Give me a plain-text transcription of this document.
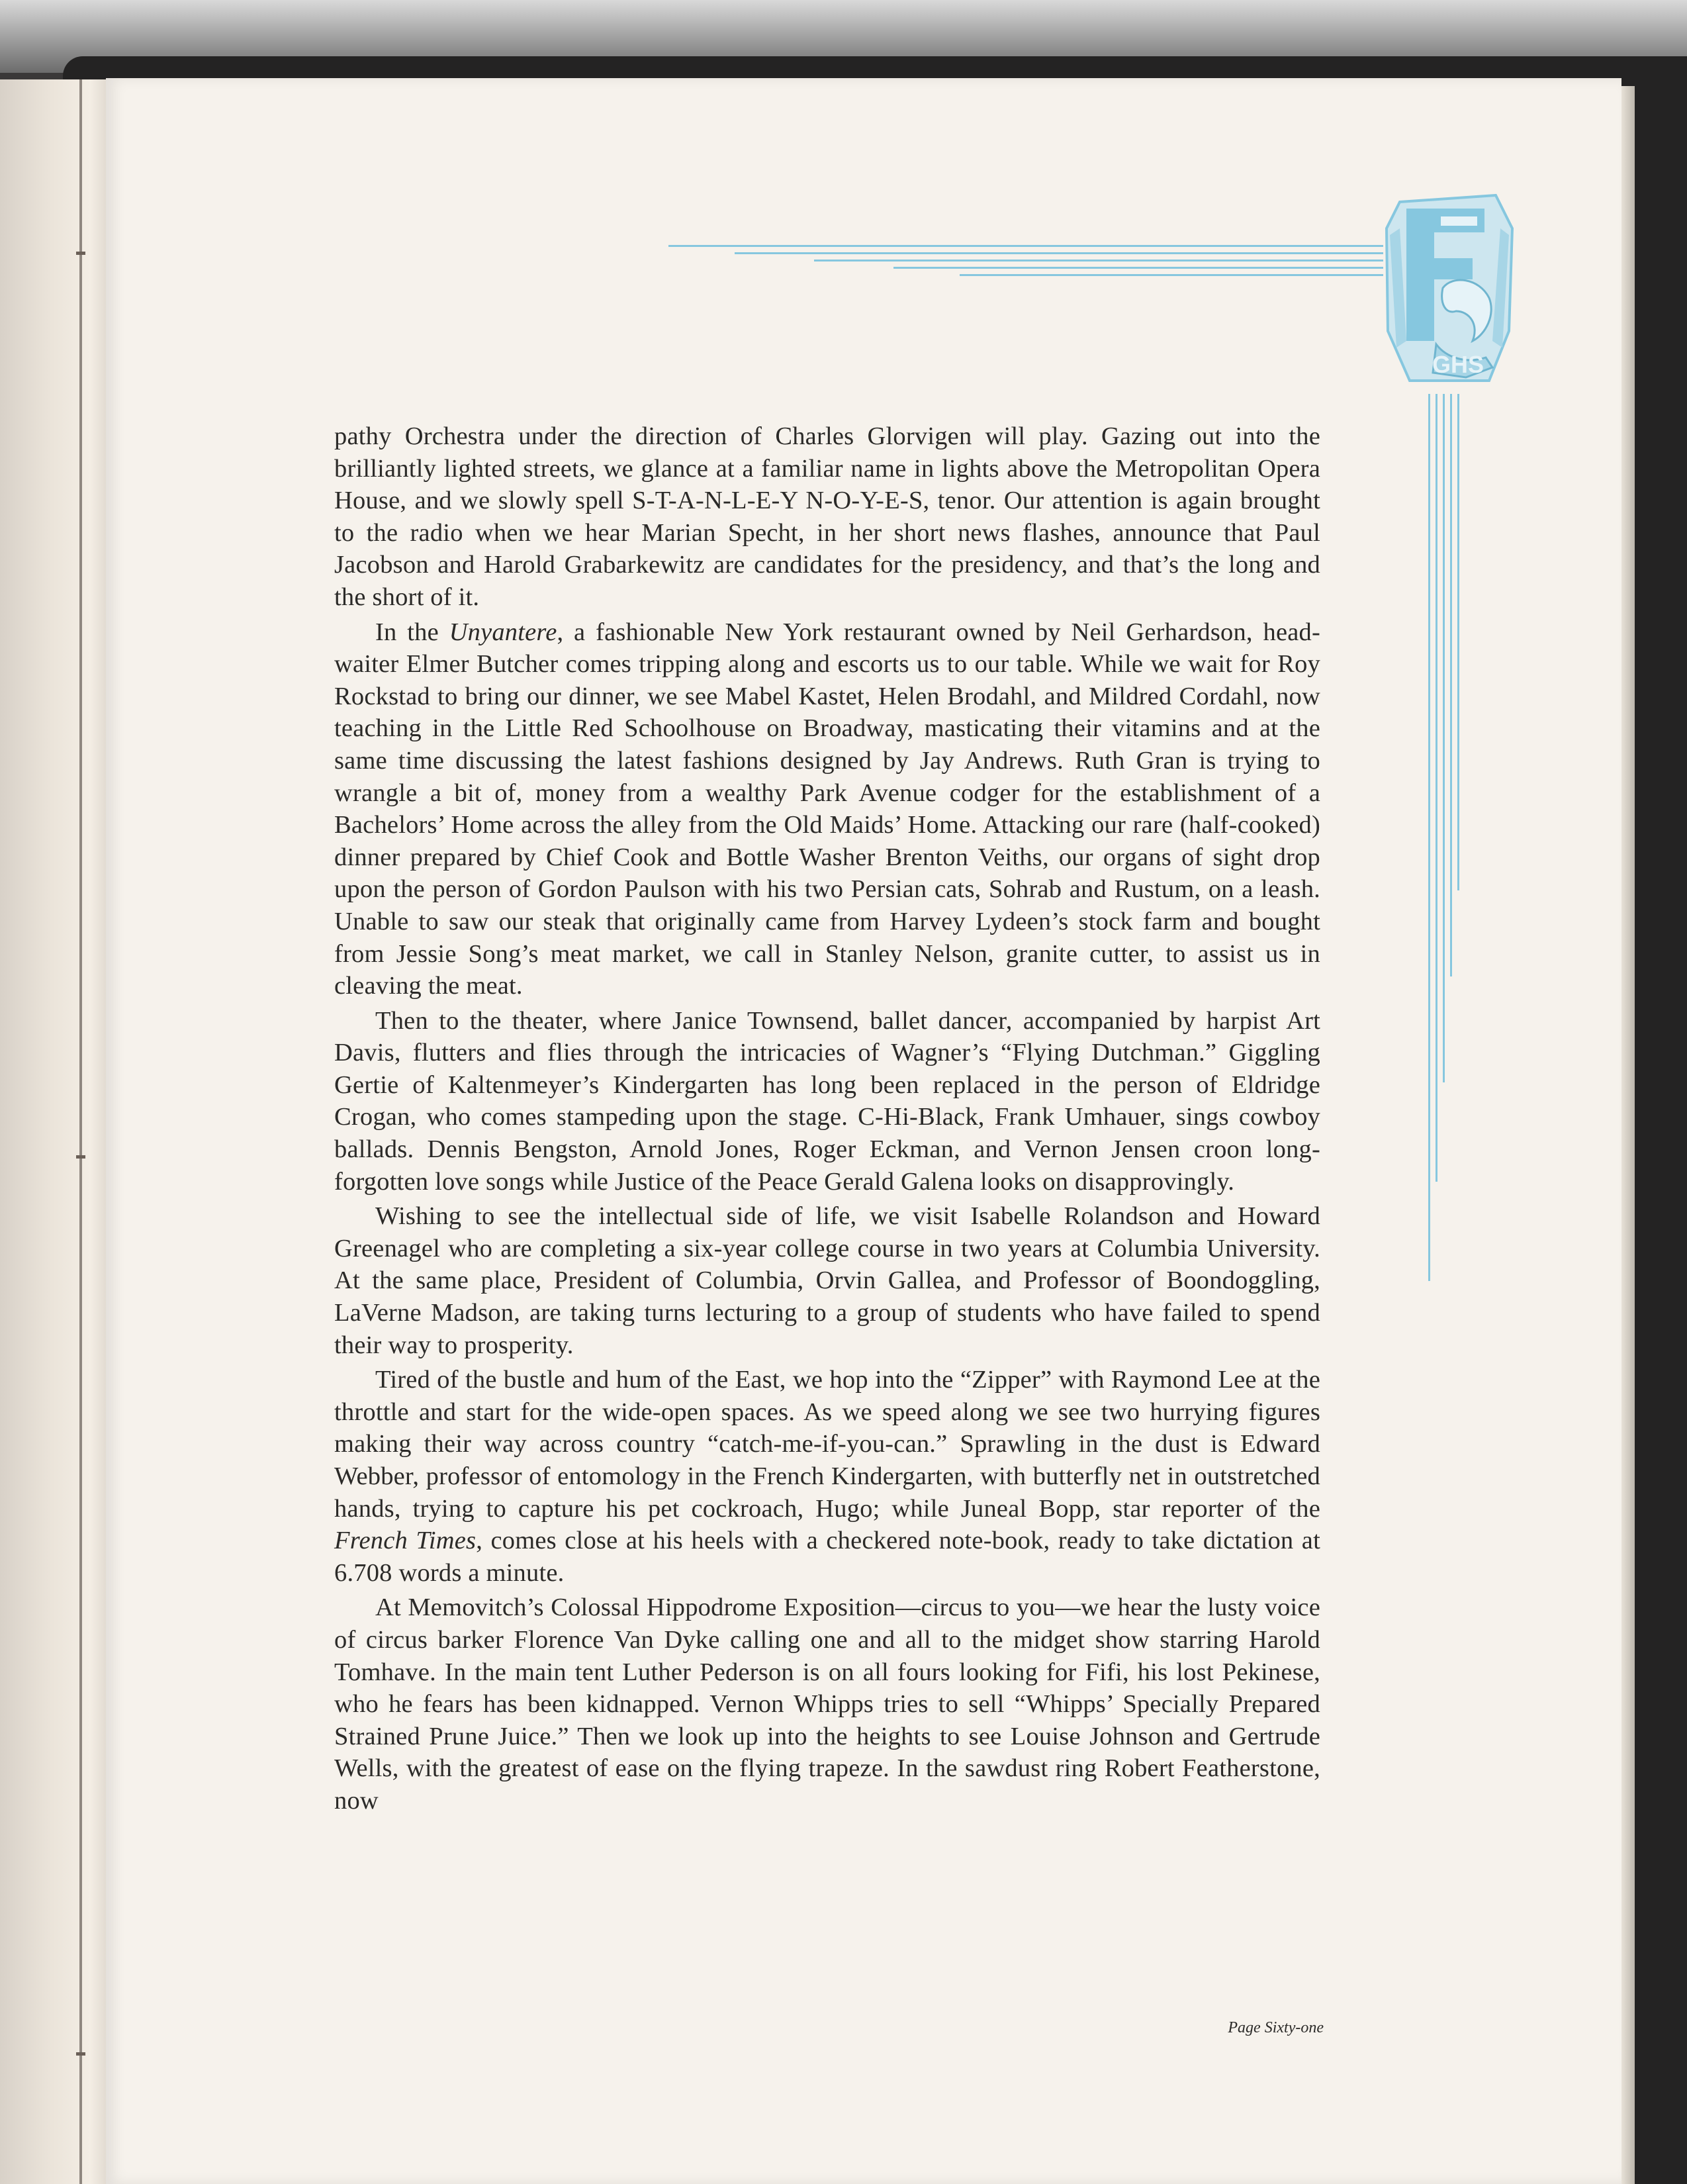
GHS

pathy Orchestra under the direction of Charles Glorvigen will play. Gazing out into the brilliantly lighted streets, we glance at a familiar name in lights above the Metropolitan Opera House, and we slowly spell S-T-A-N-L-E-Y N-O-Y-E-S, tenor. Our attention is again brought to the radio when we hear Marian Specht, in her short news flashes, announce that Paul Jacobson and Harold Grabarkewitz are candidates for the presidency, and that’s the long and the short of it.

In the Unyantere, a fashionable New York restaurant owned by Neil Gerhardson, head-waiter Elmer Butcher comes tripping along and escorts us to our table. While we wait for Roy Rockstad to bring our dinner, we see Mabel Kastet, Helen Brodahl, and Mildred Cordahl, now teaching in the Little Red Schoolhouse on Broadway, masticating their vitamins and at the same time discussing the latest fashions designed by Jay Andrews. Ruth Gran is trying to wrangle a bit of, money from a wealthy Park Avenue codger for the establishment of a Bachelors’ Home across the alley from the Old Maids’ Home. Attacking our rare (half-cooked) dinner prepared by Chief Cook and Bottle Washer Brenton Veiths, our organs of sight drop upon the person of Gordon Paulson with his two Persian cats, Sohrab and Rustum, on a leash. Unable to saw our steak that originally came from Harvey Lydeen’s stock farm and bought from Jessie Song’s meat market, we call in Stanley Nelson, granite cutter, to assist us in cleaving the meat.

Then to the theater, where Janice Townsend, ballet dancer, accompanied by harpist Art Davis, flutters and flies through the intricacies of Wagner’s “Flying Dutchman.” Giggling Gertie of Kaltenmeyer’s Kindergarten has long been replaced in the person of Eldridge Crogan, who comes stampeding upon the stage. C-Hi-Black, Frank Umhauer, sings cowboy ballads. Dennis Bengston, Arnold Jones, Roger Eckman, and Vernon Jensen croon long-forgotten love songs while Justice of the Peace Gerald Galena looks on disapprovingly.

Wishing to see the intellectual side of life, we visit Isabelle Rolandson and Howard Greenagel who are completing a six-year college course in two years at Columbia University. At the same place, President of Columbia, Orvin Gallea, and Professor of Boondoggling, LaVerne Madson, are taking turns lecturing to a group of students who have failed to spend their way to prosperity.

Tired of the bustle and hum of the East, we hop into the “Zipper” with Raymond Lee at the throttle and start for the wide-open spaces. As we speed along we see two hurrying figures making their way across country “catch-me-if-you-can.” Sprawling in the dust is Edward Webber, professor of entomology in the French Kindergarten, with butterfly net in outstretched hands, trying to capture his pet cockroach, Hugo; while Juneal Bopp, star reporter of the French Times, comes close at his heels with a checkered note-book, ready to take dictation at 6.708 words a minute.

At Memovitch’s Colossal Hippodrome Exposition—circus to you—we hear the lusty voice of circus barker Florence Van Dyke calling one and all to the midget show starring Harold Tomhave. In the main tent Luther Pederson is on all fours looking for Fifi, his lost Pekinese, who he fears has been kidnapped. Vernon Whipps tries to sell “Whipps’ Specially Prepared Strained Prune Juice.” Then we look up into the heights to see Louise Johnson and Gertrude Wells, with the greatest of ease on the flying trapeze. In the sawdust ring Robert Featherstone, now

Page Sixty-one
